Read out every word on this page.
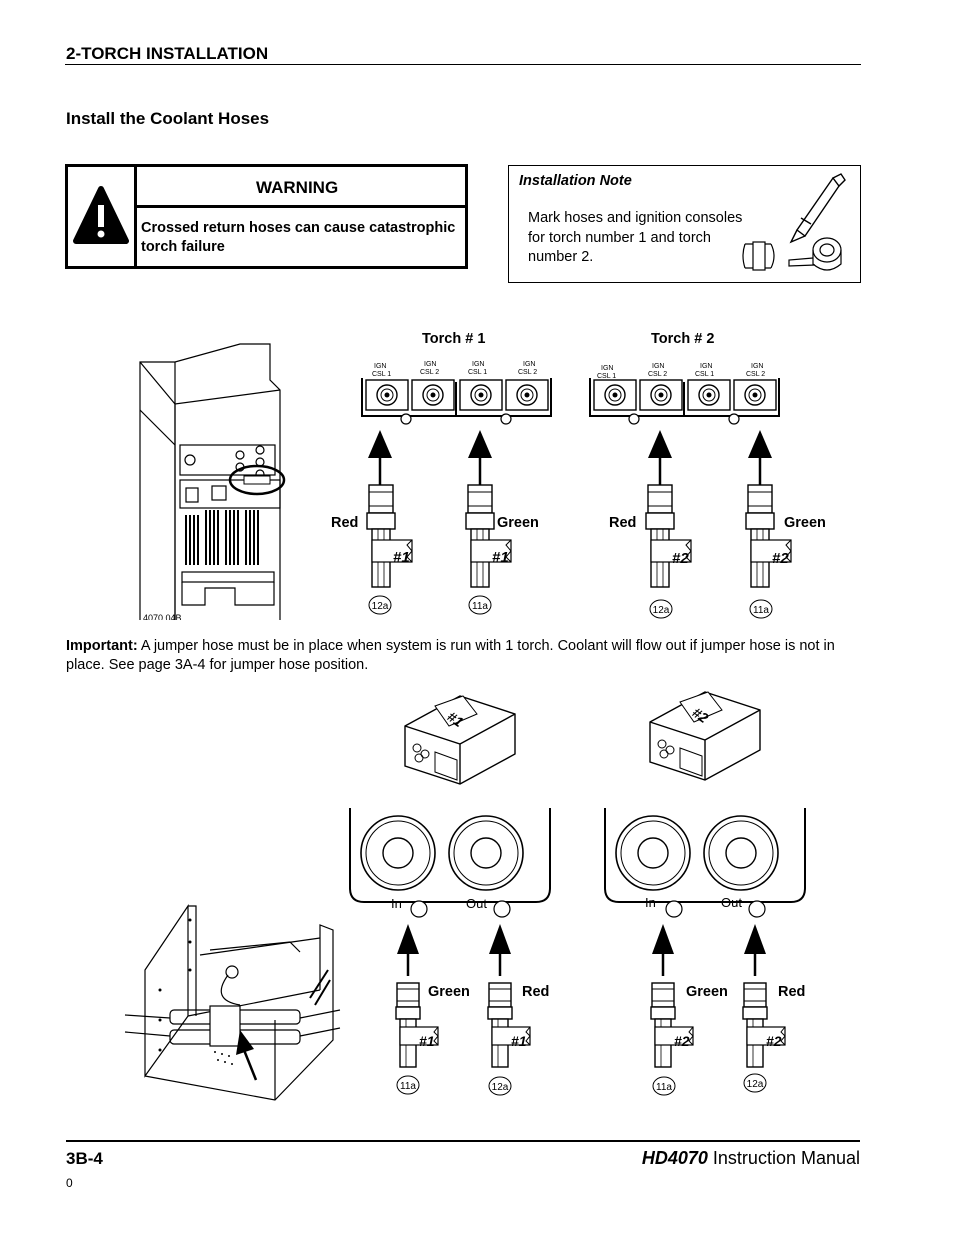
2-TORCH INSTALLATION
Install the Coolant Hoses
WARNING
Crossed return hoses can cause catastrophic torch failure
Installation Note
Mark hoses and ignition consoles for torch number 1 and torch number 2.
4070.04B
Torch # 1	Torch # 2
IGN
CSL 1
IGN
CSL 2
IGN
CSL 1
IGN
CSL 2
IGN
CSL 1
IGN
CSL 2
IGN
CSL 1
IGN
CSL 2
Red
#1
12a
Green
#1
11a
Red
#2
12a
Green
#2
11a
Important: A jumper hose must be in place when system is run with 1 torch. Coolant will flow out if jumper hose is not in place. See page 3A-4 for jumper hose position.
#1	#2
In	Out	In	Out
Green
#1
11a
Red
#1
12a
Green
#2
11a
Red
#2
12a
3B-4	HD4070 Instruction Manual
0
